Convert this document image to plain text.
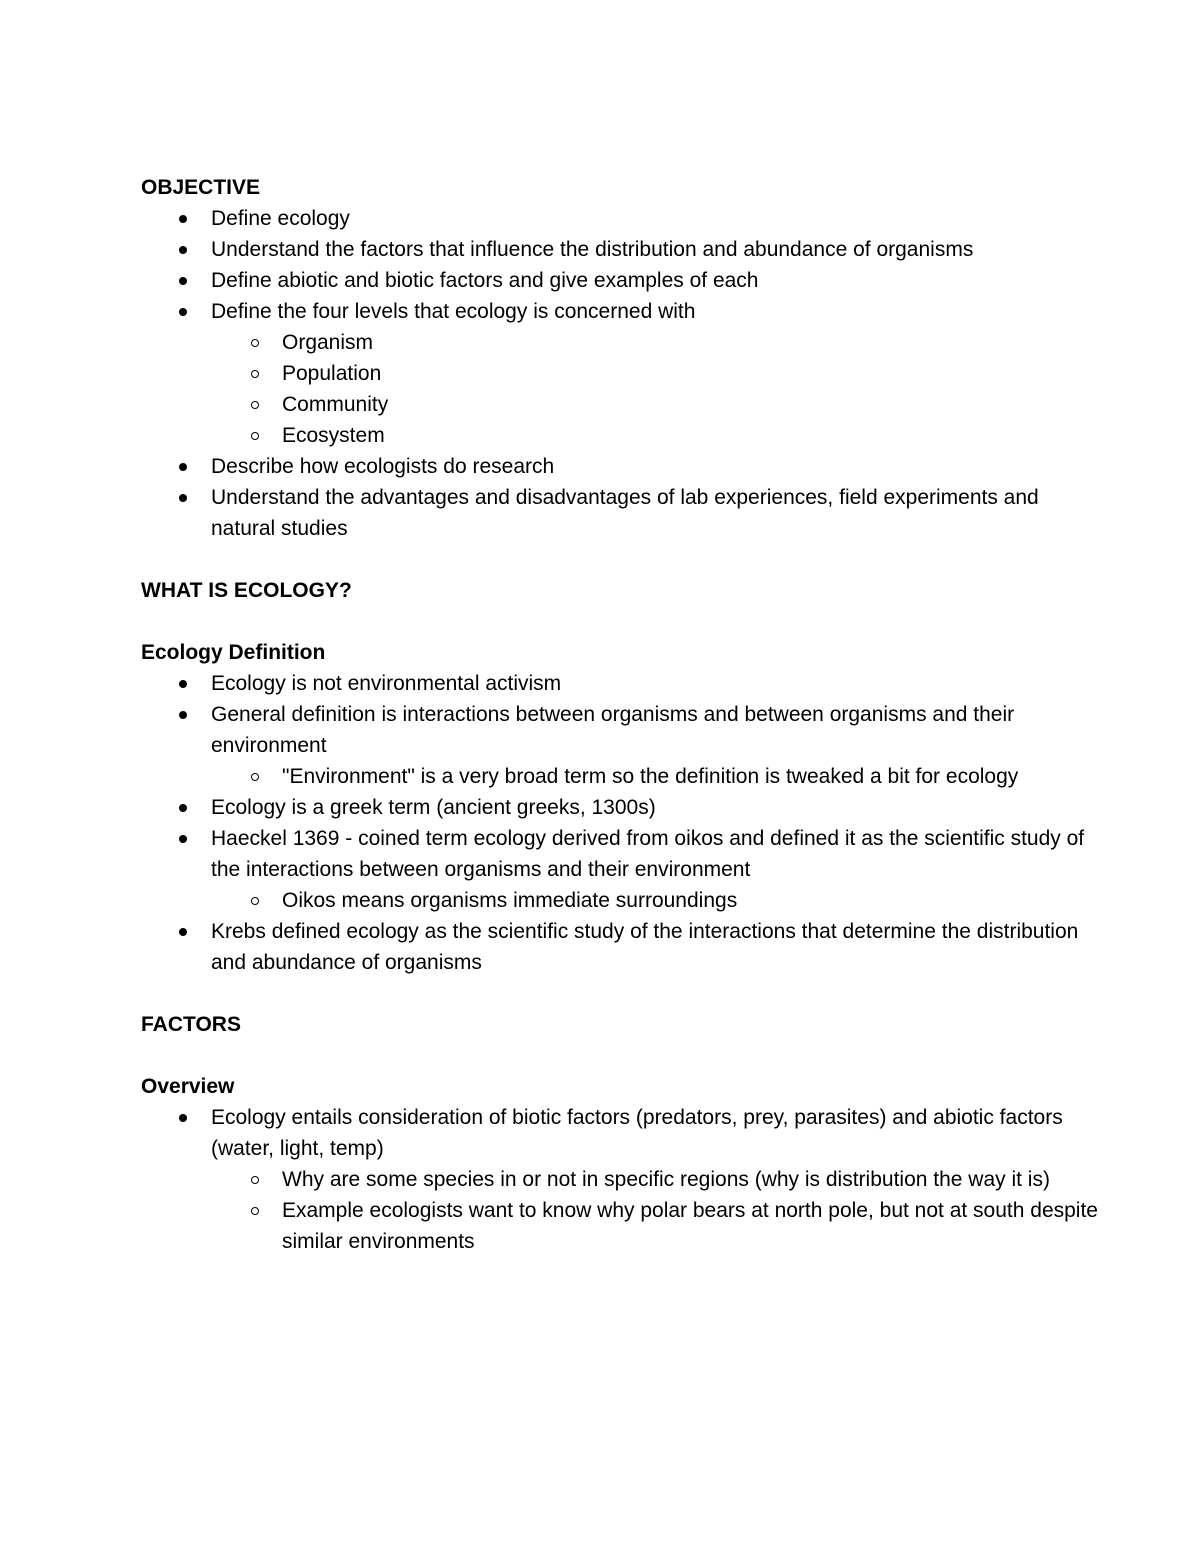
OBJECTIVE
Define ecology
Understand the factors that influence the distribution and abundance of organisms
Define abiotic and biotic factors and give examples of each
Define the four levels that ecology is concerned with
Organism
Population
Community
Ecosystem
Describe how ecologists do research
Understand the advantages and disadvantages of lab experiences, field experiments and natural studies
WHAT IS ECOLOGY?
Ecology Definition
Ecology is not environmental activism
General definition is interactions between organisms and between organisms and their environment
"Environment" is a very broad term so the definition is tweaked a bit for ecology
Ecology is a greek term (ancient greeks, 1300s)
Haeckel 1369 - coined term ecology derived from oikos and defined it as the scientific study of the interactions between organisms and their environment
Oikos means organisms immediate surroundings
Krebs defined ecology as the scientific study of the interactions that determine the distribution and abundance of organisms
FACTORS
Overview
Ecology entails consideration of biotic factors (predators, prey, parasites) and abiotic factors (water, light, temp)
Why are some species in or not in specific regions (why is distribution the way it is)
Example ecologists want to know why polar bears at north pole, but not at south despite similar environments
